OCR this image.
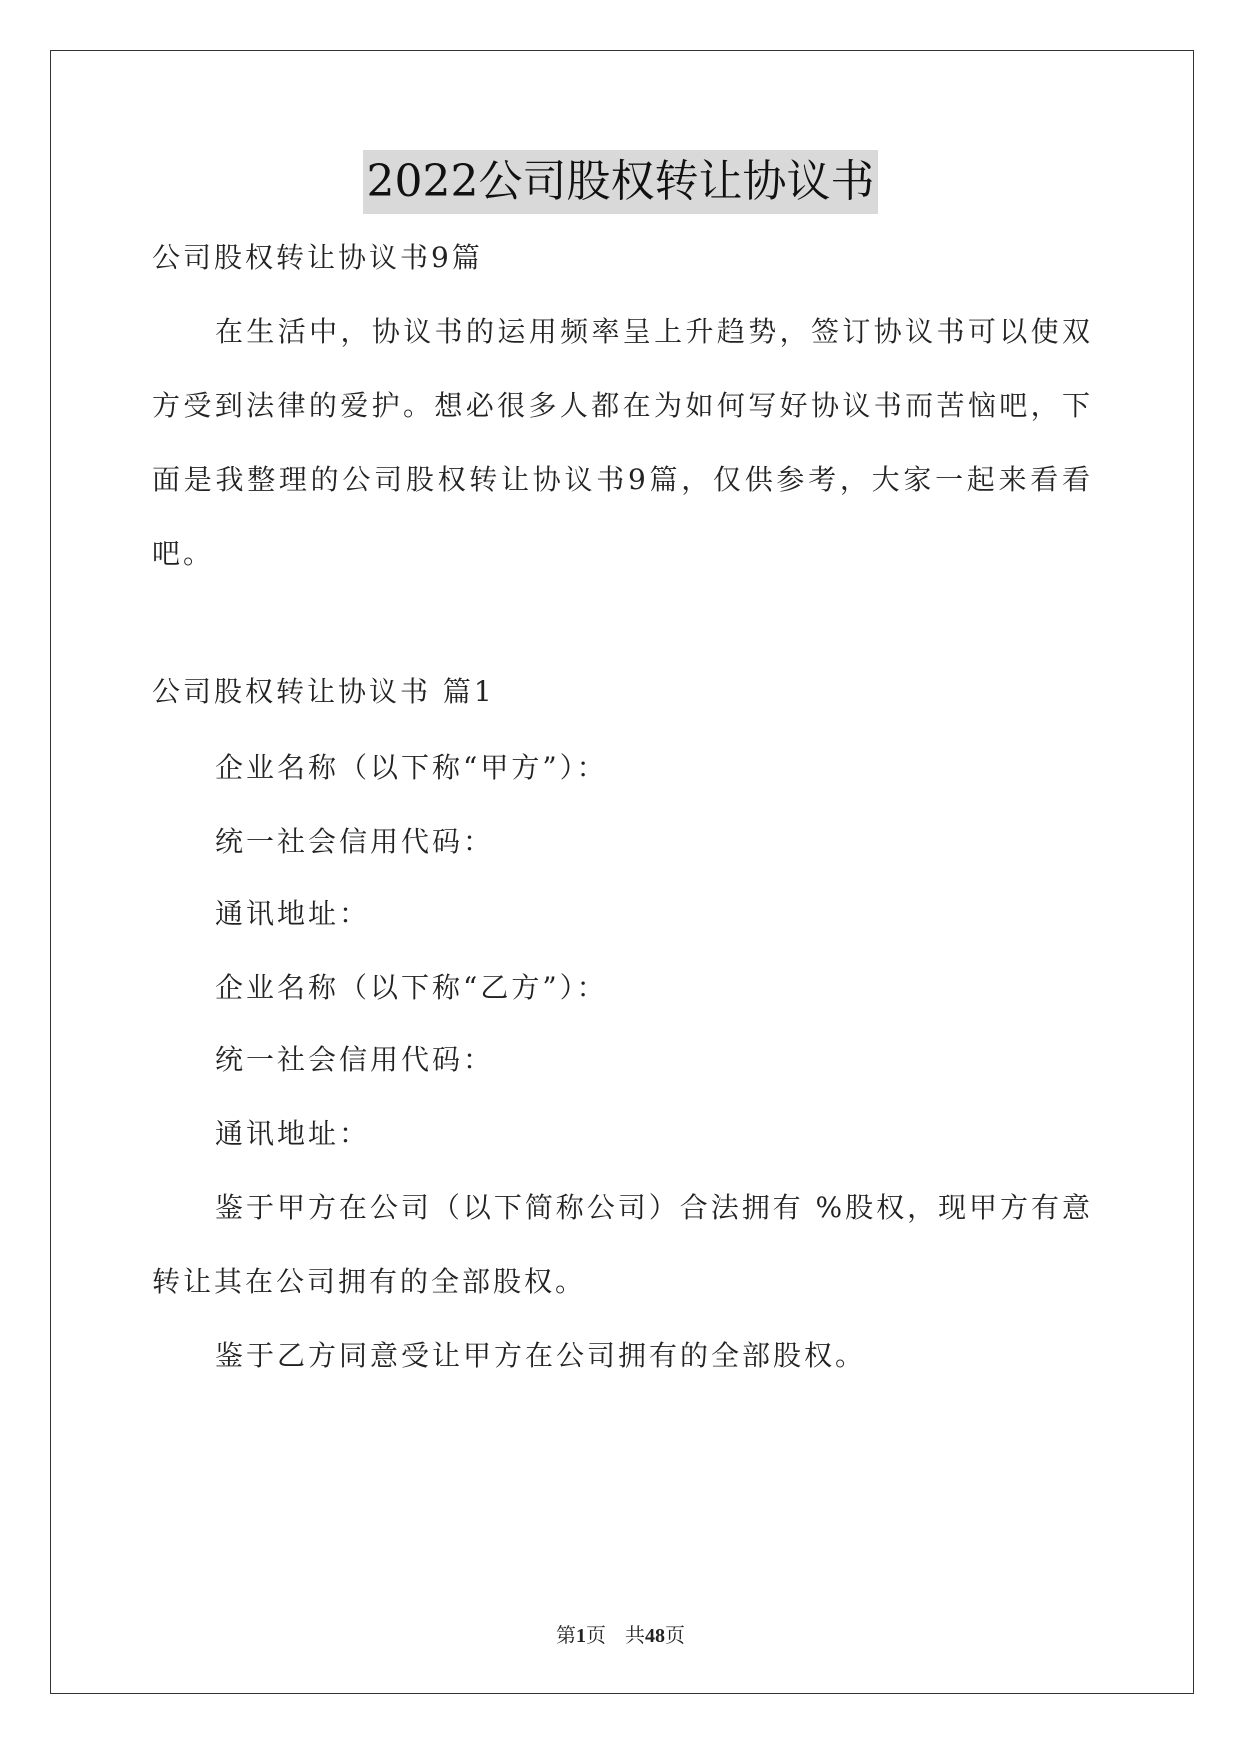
2022公司股权转让协议书
公司股权转让协议书9篇
在生活中，协议书的运用频率呈上升趋势，签订协议书可以使双
方受到法律的爱护。想必很多人都在为如何写好协议书而苦恼吧，下
面是我整理的公司股权转让协议书9篇，仅供参考，大家一起来看看
吧。
公司股权转让协议书 篇1
企业名称（以下称“甲方”）：
统一社会信用代码：
通讯地址：
企业名称（以下称“乙方”）：
统一社会信用代码：
通讯地址：
鉴于甲方在公司（以下简称公司）合法拥有 %股权，现甲方有意
转让其在公司拥有的全部股权。
鉴于乙方同意受让甲方在公司拥有的全部股权。
第1页   共48页
